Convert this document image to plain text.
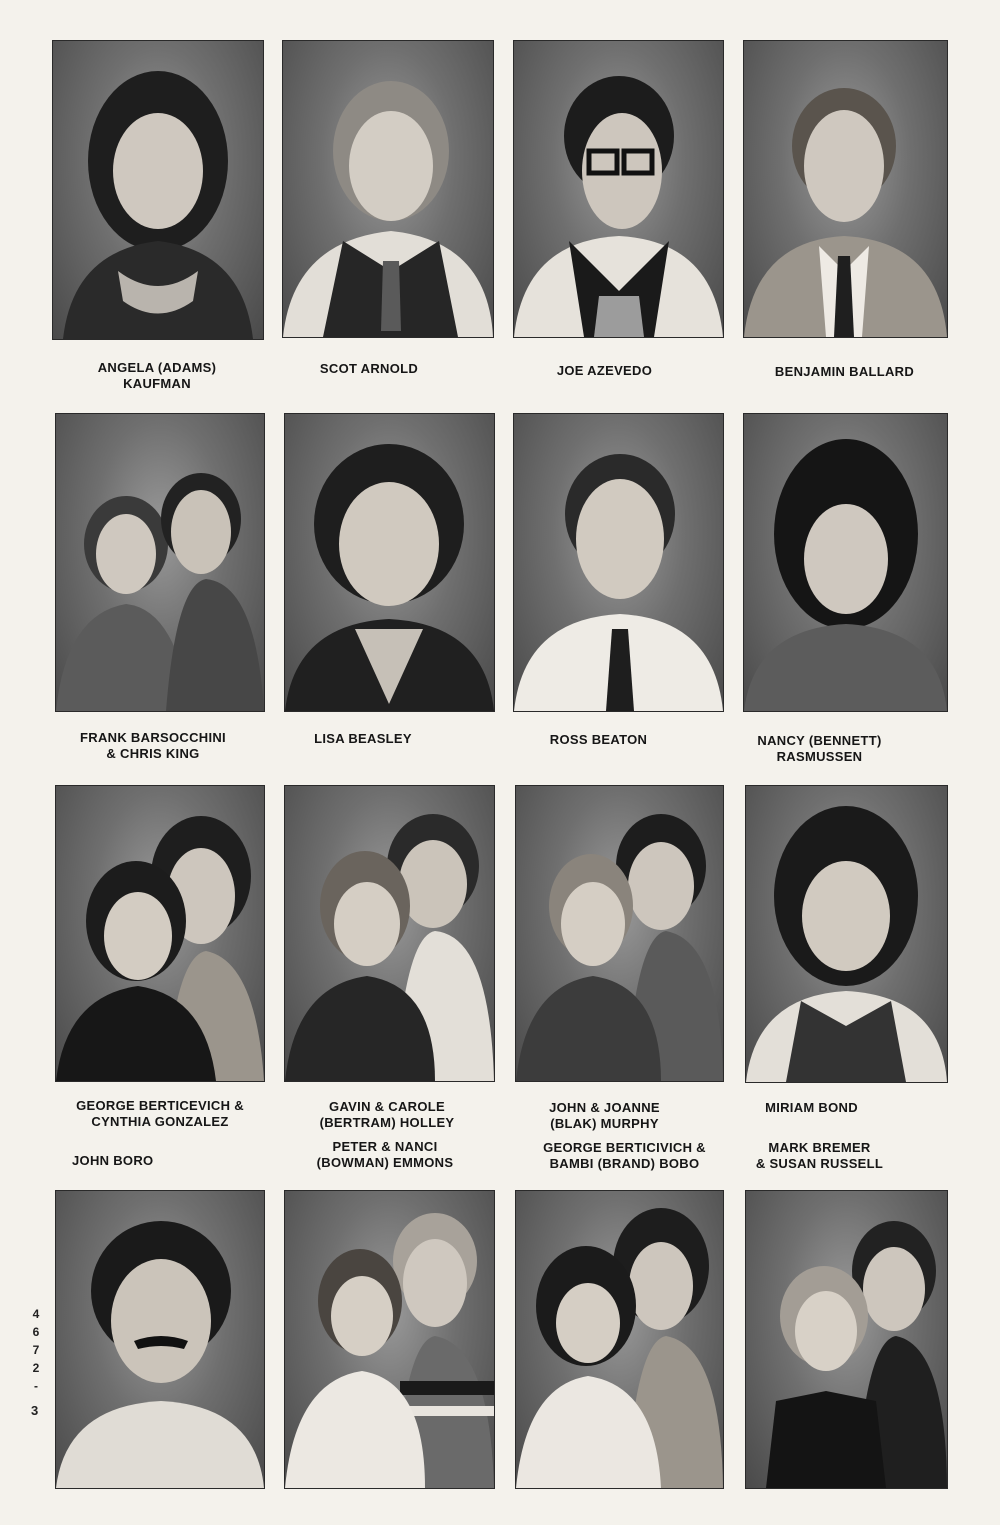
ANGELA (ADAMS)
KAUFMAN
SCOT ARNOLD	JOE AZEVEDO	BENJAMIN BALLARD
FRANK BARSOCCHINI
& CHRIS KING
LISA BEASLEY	ROSS BEATON	NANCY (BENNETT)
RASMUSSEN
GEORGE BERTICEVICH &
CYNTHIA GONZALEZ
GAVIN & CAROLE
(BERTRAM) HOLLEY
JOHN & JOANNE
(BLAK) MURPHY
MIRIAM BOND
JOHN BORO
PETER & NANCI
(BOWMAN) EMMONS
GEORGE BERTICIVICH &
BAMBI (BRAND) BOBO
MARK BREMER
& SUSAN RUSSELL
4
6
7
2
-
3
